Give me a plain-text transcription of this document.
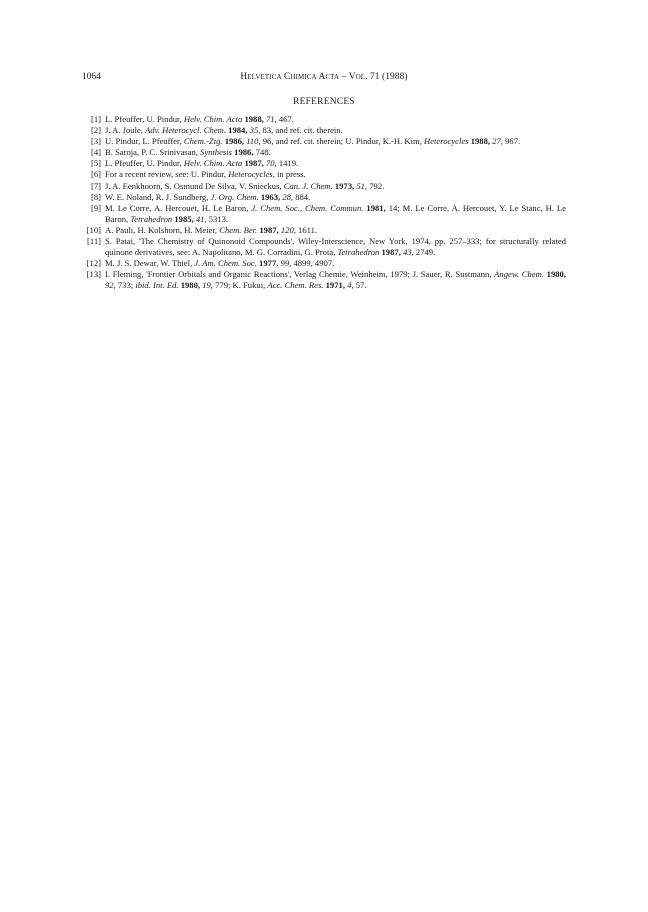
1064	Helvetica Chimica Acta – Vol. 71 (1988)
REFERENCES
[1] L. Pfeuffer, U. Pindur, Helv. Chim. Acta 1988, 71, 467.
[2] J. A. Joule, Adv. Heterocycl. Chem. 1984, 35, 83, and ref. cit. therein.
[3] U. Pindur, L. Pfeuffer, Chem.-Ztg. 1986, 110, 96, and ref. cit. therein; U. Pindur, K.-H. Kim, Heterocycles 1988, 27, 967.
[4] B. Saroja, P. C. Srinivasan, Synthesis 1986, 748.
[5] L. Pfeuffer, U. Pindur, Helv. Chim. Acta 1987, 70, 1419.
[6] For a recent review, see: U. Pindur, Heterocycles, in press.
[7] J. A. Eenkhoorn, S. Osmund De Silva, V. Snieckus, Can. J. Chem. 1973, 51, 792.
[8] W. E. Noland, R. J. Sundberg, J. Org. Chem. 1963, 28, 884.
[9] M. Le Corre, A. Hercouet, H. Le Baron, J. Chem. Soc., Chem. Commun. 1981, 14; M. Le Corre, A. Hercouet, Y. Le Stanc, H. Le Baron, Tetrahedron 1985, 41, 5313.
[10] A. Pauli, H. Kolshorn, H. Meier, Chem. Ber. 1987, 120, 1611.
[11] S. Patai, 'The Chemistry of Quinonoid Compounds', Wiley-Interscience, New York, 1974, pp. 257–333; for structurally related quinone derivatives, see: A. Napolitano, M. G. Corradini, G. Prota, Tetrahedron 1987, 43, 2749.
[12] M. J. S. Dewar, W. Thiel, J. Am. Chem. Soc. 1977, 99, 4899, 4907.
[13] I. Fleming, 'Frontier Orbitals and Organic Reactions', Verlag Chemie, Weinheim, 1979; J. Sauer, R. Sustmann, Angew. Chem. 1980, 92, 733; ibid. Int. Ed. 1980, 19, 779; K. Fukui, Acc. Chem. Res. 1971, 4, 57.
